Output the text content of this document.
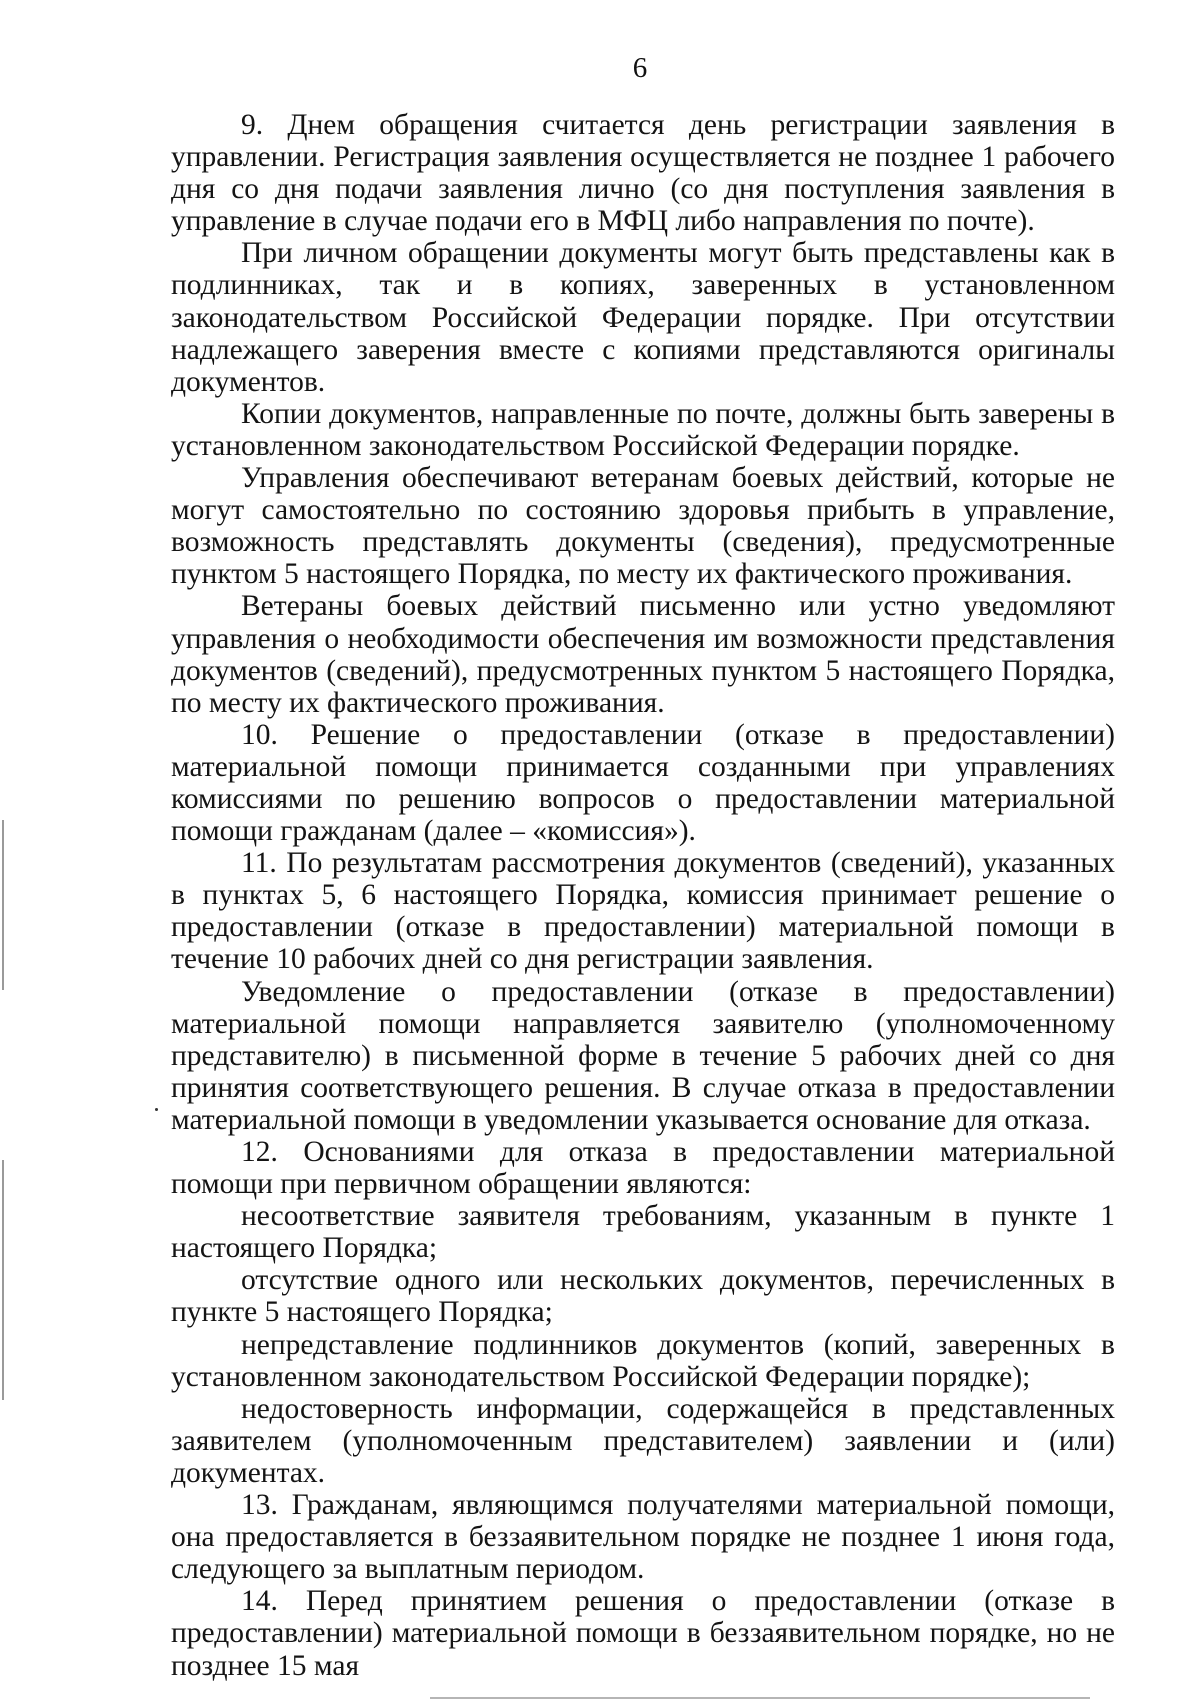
6

9. Днем обращения считается день регистрации заявления в управлении. Регистрация заявления осуществляется не позднее 1 рабочего дня со дня подачи заявления лично (со дня поступления заявления в управление в случае подачи его в МФЦ либо направления по почте).

При личном обращении документы могут быть представлены как в подлинниках, так и в копиях, заверенных в установленном законодательством Российской Федерации порядке. При отсутствии надлежащего заверения вместе с копиями представляются оригиналы документов.

Копии документов, направленные по почте, должны быть заверены в установленном законодательством Российской Федерации порядке.

Управления обеспечивают ветеранам боевых действий, которые не могут самостоятельно по состоянию здоровья прибыть в управление, возможность представлять документы (сведения), предусмотренные пунктом 5 настоящего Порядка, по месту их фактического проживания.

Ветераны боевых действий письменно или устно уведомляют управления о необходимости обеспечения им возможности представления документов (сведений), предусмотренных пунктом 5 настоящего Порядка, по месту их фактического проживания.

10. Решение о предоставлении (отказе в предоставлении) материальной помощи принимается созданными при управлениях комиссиями по решению вопросов о предоставлении материальной помощи гражданам (далее – «комиссия»).

11. По результатам рассмотрения документов (сведений), указанных в пунктах 5, 6 настоящего Порядка, комиссия принимает решение о предоставлении (отказе в предоставлении) материальной помощи в течение 10 рабочих дней со дня регистрации заявления.

Уведомление о предоставлении (отказе в предоставлении) материальной помощи направляется заявителю (уполномоченному представителю) в письменной форме в течение 5 рабочих дней со дня принятия соответствующего решения. В случае отказа в предоставлении материальной помощи в уведомлении указывается основание для отказа.

12. Основаниями для отказа в предоставлении материальной помощи при первичном обращении являются:

несоответствие заявителя требованиям, указанным в пункте 1 настоящего Порядка;

отсутствие одного или нескольких документов, перечисленных в пункте 5 настоящего Порядка;

непредставление подлинников документов (копий, заверенных в установленном законодательством Российской Федерации порядке);

недостоверность информации, содержащейся в представленных заявителем (уполномоченным представителем) заявлении и (или) документах.

13. Гражданам, являющимся получателями материальной помощи, она предоставляется в беззаявительном порядке не позднее 1 июня года, следующего за выплатным периодом.

14. Перед принятием решения о предоставлении (отказе в предоставлении) материальной помощи в беззаявительном порядке, но не позднее 15 мая
